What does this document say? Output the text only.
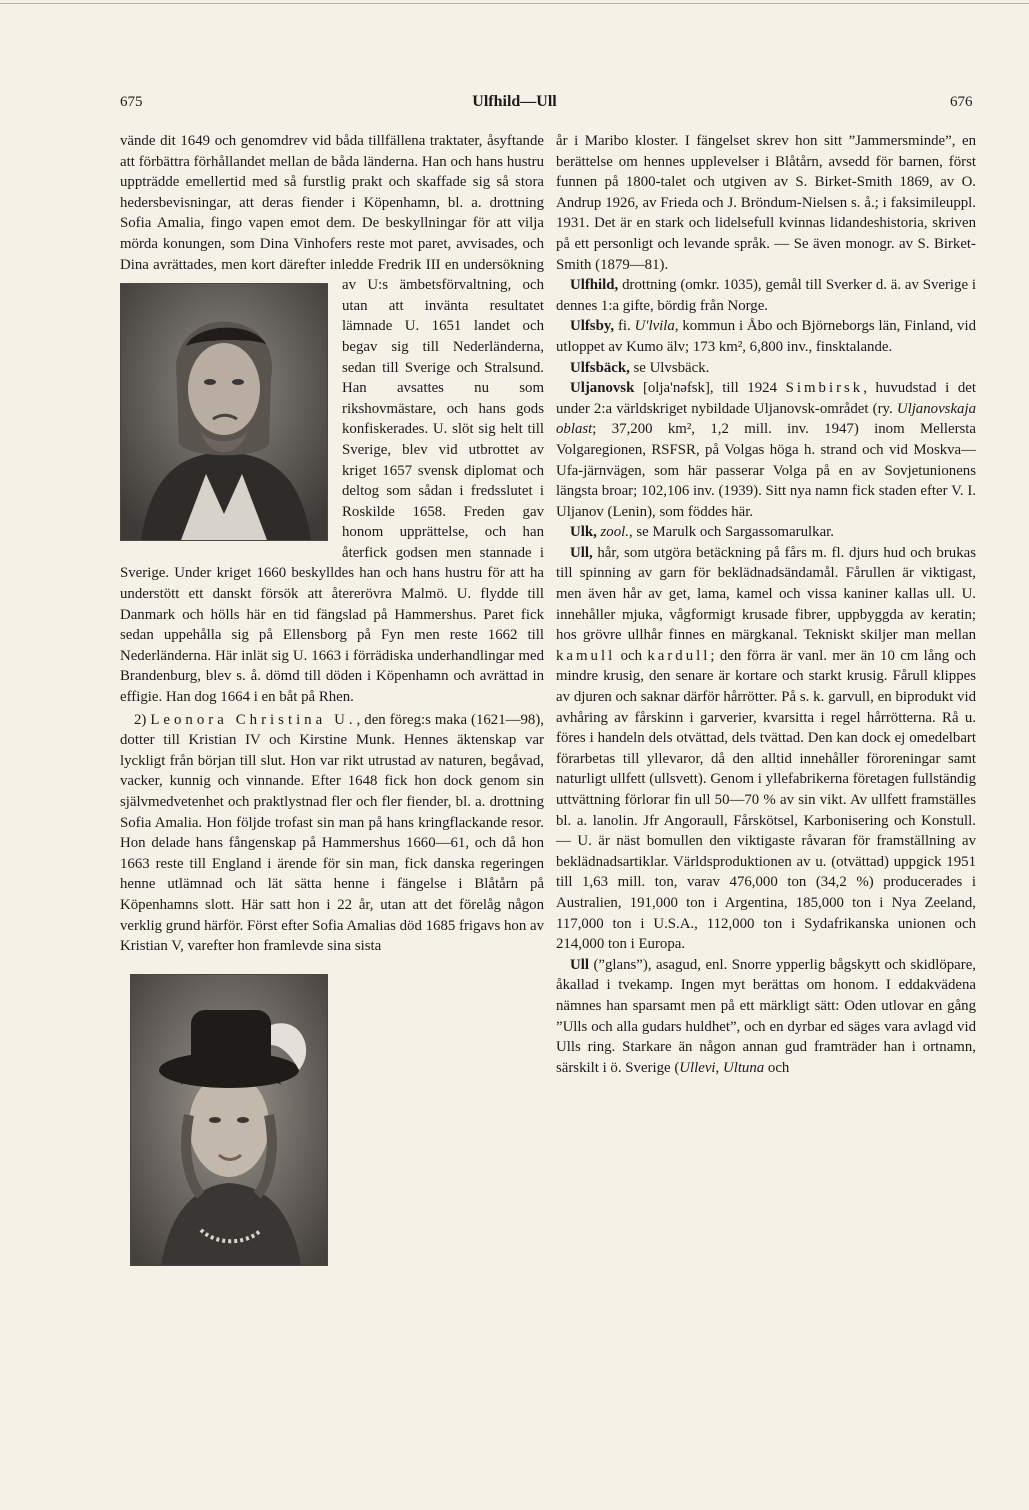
675	Ulfhild—Ull	676

vände dit 1649 och genomdrev vid båda tillfällena traktater, åsyftande att förbättra förhållandet mellan de båda länderna. Han och hans hustru uppträdde emellertid med så furstlig prakt och skaffade sig så stora hedersbevisningar, att deras fiender i Köpenhamn, bl. a. drottning Sofia Amalia, fingo vapen emot dem. De beskyllningar för att vilja mörda konungen, som Dina Vinhofers reste mot paret, avvisades, och Dina avrättades, men kort därefter inledde Fredrik III en undersökning av U:s ämbetsförvaltning, och utan att invänta resultatet lämnade U. 1651 landet och begav sig till Nederländerna, sedan till Sverige och Stralsund. Han avsattes nu som rikshovmästare, och hans gods konfiskerades. U. slöt sig helt till Sverige, blev vid utbrottet av kriget 1657 svensk diplomat och deltog som sådan i fredsslutet i Roskilde 1658. Freden gav honom upprättelse, och han återfick godsen men stannade i Sverige. Under kriget 1660 beskylldes han och hans hustru för att ha understött ett danskt försök att återerövra Malmö. U. flydde till Danmark och hölls här en tid fängslad på Hammershus. Paret fick sedan uppehålla sig på Ellensborg på Fyn men reste 1662 till Nederländerna. Här inlät sig U. 1663 i förrädiska underhandlingar med Brandenburg, blev s. å. dömd till döden i Köpenhamn och avrättad in effigie. Han dog 1664 i en båt på Rhen.

2) Leonora Christina U., den föreg:s maka (1621—98), dotter till Kristian IV och Kirstine Munk. Hennes äktenskap var lyckligt från början till slut. Hon var rikt utrustad av naturen, begåvad, vacker, kunnig och vinnande. Efter 1648 fick hon dock genom sin självmedvetenhet och praktlystnad fler och fler fiender, bl. a. drottning Sofia Amalia. Hon följde trofast sin man på hans kringflackande resor. Hon delade hans fångenskap på Hammershus 1660—61, och då hon 1663 reste till England i ärende för sin man, fick danska regeringen henne utlämnad och lät sätta henne i fängelse i Blåtårn på Köpenhamns slott. Här satt hon i 22 år, utan att det förelåg någon verklig grund härför. Först efter Sofia Amalias död 1685 frigavs hon av Kristian V, varefter hon framlevde sina sista

år i Maribo kloster. I fängelset skrev hon sitt ”Jammersminde”, en berättelse om hennes upplevelser i Blåtårn, avsedd för barnen, först funnen på 1800-talet och utgiven av S. Birket-Smith 1869, av O. Andrup 1926, av Frieda och J. Bröndum-Nielsen s. å.; i faksimileuppl. 1931. Det är en stark och lidelsefull kvinnas lidandeshistoria, skriven på ett personligt och levande språk. — Se även monogr. av S. Birket-Smith (1879—81).

Ulfhild, drottning (omkr. 1035), gemål till Sverker d. ä. av Sverige i dennes 1:a gifte, bördig från Norge.

Ulfsby, fi. U'lvila, kommun i Åbo och Björneborgs län, Finland, vid utloppet av Kumo älv; 173 km², 6,800 inv., finsktalande.

Ulfsbäck, se Ulvsbäck.

Uljanovsk [olja'nəfsk], till 1924 Simbirsk, huvudstad i det under 2:a världskriget nybildade Uljanovsk-området (ry. Uljanovskaja oblast; 37,200 km², 1,2 mill. inv. 1947) inom Mellersta Volgaregionen, RSFSR, på Volgas höga h. strand och vid Moskva—Ufa-järnvägen, som här passerar Volga på en av Sovjetunionens längsta broar; 102,106 inv. (1939). Sitt nya namn fick staden efter V. I. Uljanov (Lenin), som föddes här.

Ulk, zool., se Marulk och Sargassomarulkar.

Ull, hår, som utgöra betäckning på fårs m. fl. djurs hud och brukas till spinning av garn för beklädnadsändamål. Fårullen är viktigast, men även hår av get, lama, kamel och vissa kaniner kallas ull. U. innehåller mjuka, vågformigt krusade fibrer, uppbyggda av keratin; hos grövre ullhår finnes en märgkanal. Tekniskt skiljer man mellan kamull och kardull; den förra är vanl. mer än 10 cm lång och mindre krusig, den senare är kortare och starkt krusig. Fårull klippes av djuren och saknar därför hårrötter. På s. k. garvull, en biprodukt vid avhåring av fårskinn i garverier, kvarsitta i regel hårrötterna. Rå u. föres i handeln dels otvättad, dels tvättad. Den kan dock ej omedelbart förarbetas till yllevaror, då den alltid innehåller föroreningar samt naturligt ullfett (ullsvett). Genom i yllefabrikerna företagen fullständig uttvättning förlorar fin ull 50—70 % av sin vikt. Av ullfett framställes bl. a. lanolin. Jfr Angoraull, Fårskötsel, Karbonisering och Konstull. — U. är näst bomullen den viktigaste råvaran för framställning av beklädnadsartiklar. Världsproduktionen av u. (otvättad) uppgick 1951 till 1,63 mill. ton, varav 476,000 ton (34,2 %) producerades i Australien, 191,000 ton i Argentina, 185,000 ton i Nya Zeeland, 117,000 ton i U.S.A., 112,000 ton i Sydafrikanska unionen och 214,000 ton i Europa.

Ull (”glans”), asagud, enl. Snorre ypperlig bågskytt och skidlöpare, åkallad i tvekamp. Ingen myt berättas om honom. I eddakvädena nämnes han sparsamt men på ett märkligt sätt: Oden utlovar en gång ”Ulls och alla gudars huldhet”, och en dyrbar ed säges vara avlagd vid Ulls ring. Starkare än någon annan gud framträder han i ortnamn, särskilt i ö. Sverige (Ullevi, Ultuna och
